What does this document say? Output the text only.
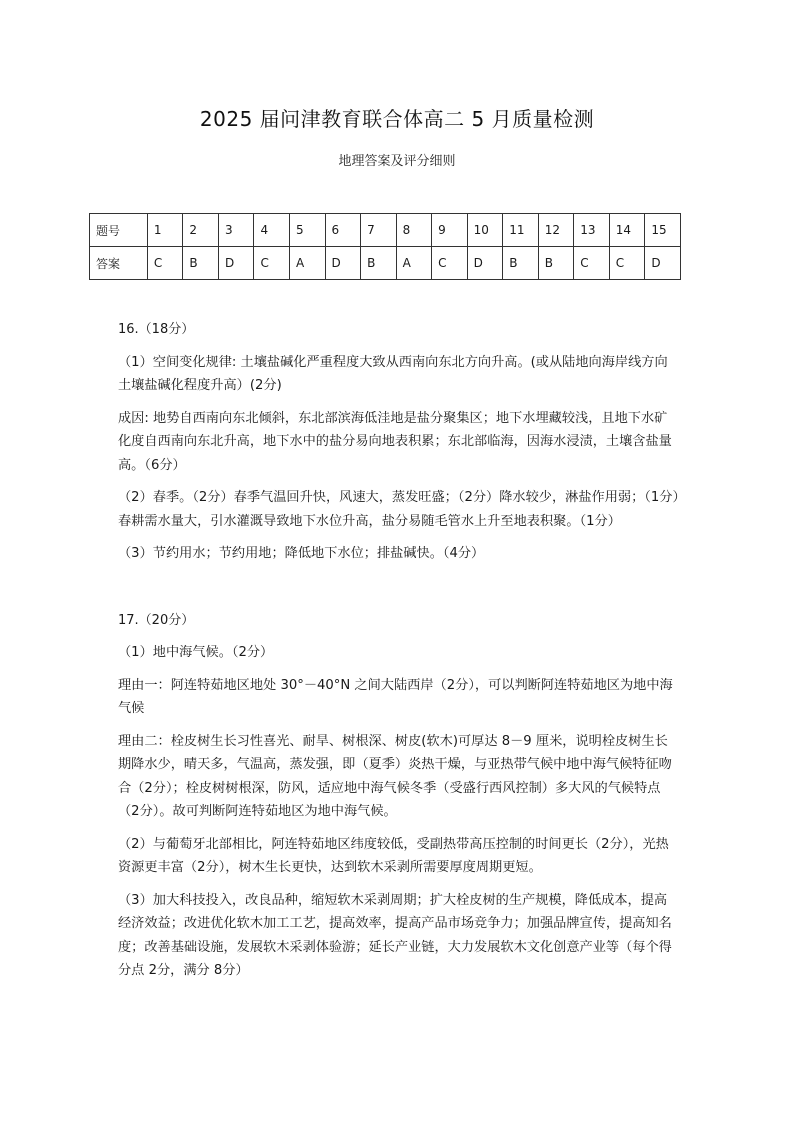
2025 届问津教育联合体高二 5 月质量检测
地理答案及评分细则
题号	1	2	3	4	5	6	7	8	9	10	11	12	13	14	15
答案	C	B	D	C	A	D	B	A	C	D	B	B	C	C	D
16.（18分）
（1）空间变化规律: 土壤盐碱化严重程度大致从西南向东北方向升高。(或从陆地向海岸线方向土壤盐碱化程度升高）(2分)
成因: 地势自西南向东北倾斜，东北部滨海低洼地是盐分聚集区；地下水埋藏较浅，且地下水矿化度自西南向东北升高，地下水中的盐分易向地表积累；东北部临海，因海水浸渍，土壤含盐量高。（6分）
（2）春季。（2分）春季气温回升快，风速大，蒸发旺盛；（2分）降水较少，淋盐作用弱；（1分）春耕需水量大，引水灌溉导致地下水位升高，盐分易随毛管水上升至地表积聚。（1分）
（3）节约用水；节约用地；降低地下水位；排盐碱快。（4分）
17.（20分）
（1）地中海气候。（2分）
理由一：阿连特茹地区地处 30°－40°N 之间大陆西岸（2分），可以判断阿连特茹地区为地中海气候
理由二：栓皮树生长习性喜光、耐旱、树根深、树皮(软木)可厚达 8－9 厘米，说明栓皮树生长期降水少，晴天多，气温高，蒸发强，即（夏季）炎热干燥，与亚热带气候中地中海气候特征吻合（2分）；栓皮树树根深，防风，适应地中海气候冬季（受盛行西风控制）多大风的气候特点（2分）。故可判断阿连特茹地区为地中海气候。
（2）与葡萄牙北部相比，阿连特茹地区纬度较低，受副热带高压控制的时间更长（2分），光热资源更丰富（2分），树木生长更快，达到软木采剥所需要厚度周期更短。
（3）加大科技投入，改良品种，缩短软木采剥周期；扩大栓皮树的生产规模，降低成本，提高经济效益；改进优化软木加工工艺，提高效率，提高产品市场竞争力；加强品牌宣传，提高知名度；改善基础设施，发展软木采剥体验游；延长产业链，大力发展软木文化创意产业等（每个得分点 2分，满分 8分）
